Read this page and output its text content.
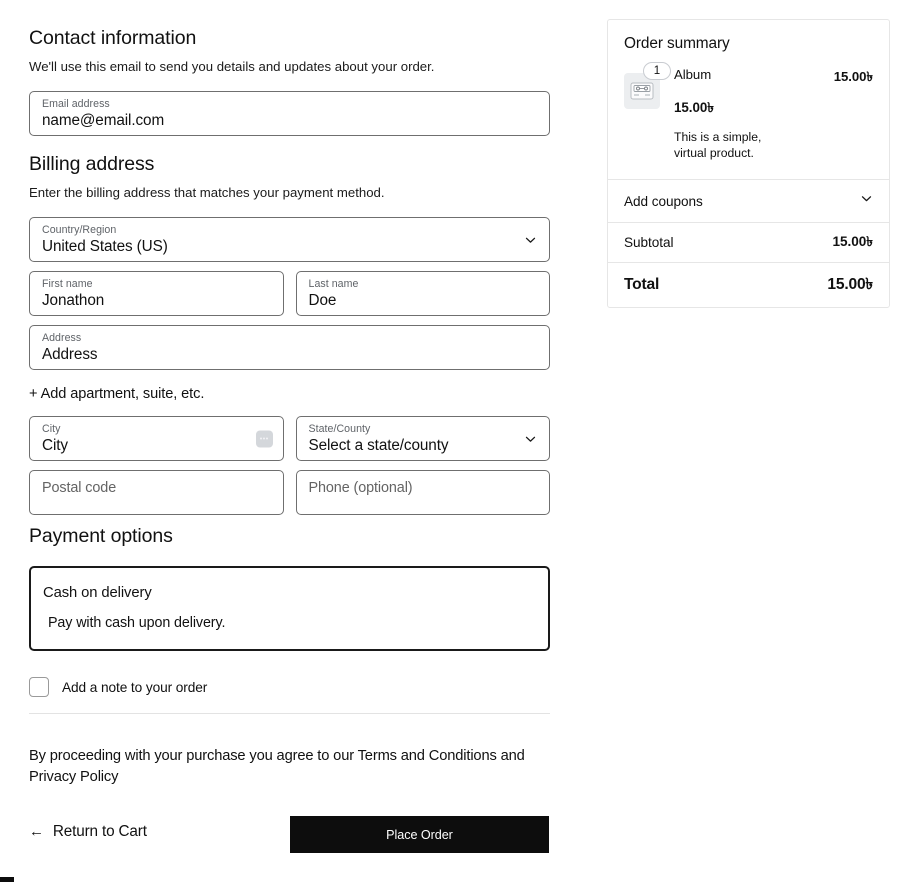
Contact information
We'll use this email to send you details and updates about your order.
Email address
name@email.com
Billing address
Enter the billing address that matches your payment method.
Country/Region
United States (US)
First name
Jonathon
Last name
Doe
Address
Address
+ Add apartment, suite, etc.
City
City
State/County
Select a state/county
Postal code	Phone (optional)
Payment options
Cash on delivery
Pay with cash upon delivery.
Add a note to your order
By proceeding with your purchase you agree to our Terms and Conditions and Privacy Policy
← Return to Cart	Place Order
Order summary
1	Album	15.00৳
15.00৳
This is a simple, virtual product.
Add coupons
Subtotal	15.00৳
Total	15.00৳
